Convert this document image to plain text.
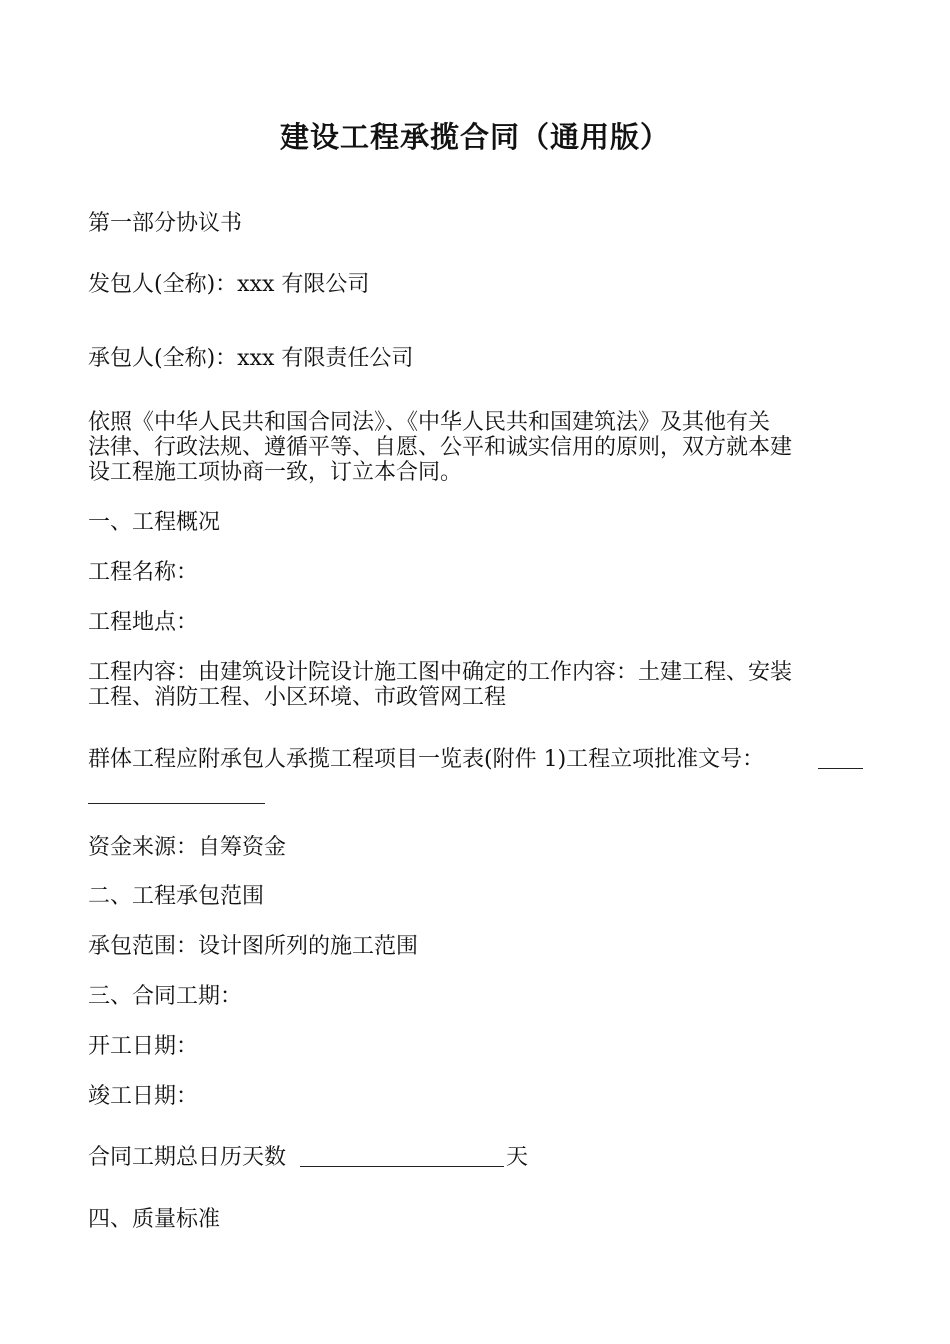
建设工程承揽合同（通用版）
第一部分协议书
发包人(全称)：xxx 有限公司
承包人(全称)：xxx 有限责任公司
依照《中华人民共和国合同法》、《中华人民共和国建筑法》及其他有关
法律、行政法规、遵循平等、自愿、公平和诚实信用的原则，双方就本建
设工程施工项协商一致，订立本合同。
一、工程概况
工程名称：
工程地点：
工程内容：由建筑设计院设计施工图中确定的工作内容：土建工程、安装
工程、消防工程、小区环境、市政管网工程
群体工程应附承包人承揽工程项目一览表(附件 1)工程立项批准文号：
资金来源：自筹资金
二、工程承包范围
承包范围：设计图所列的施工范围
三、合同工期：
开工日期：
竣工日期：
合同工期总日历天数	天
四、质量标准
